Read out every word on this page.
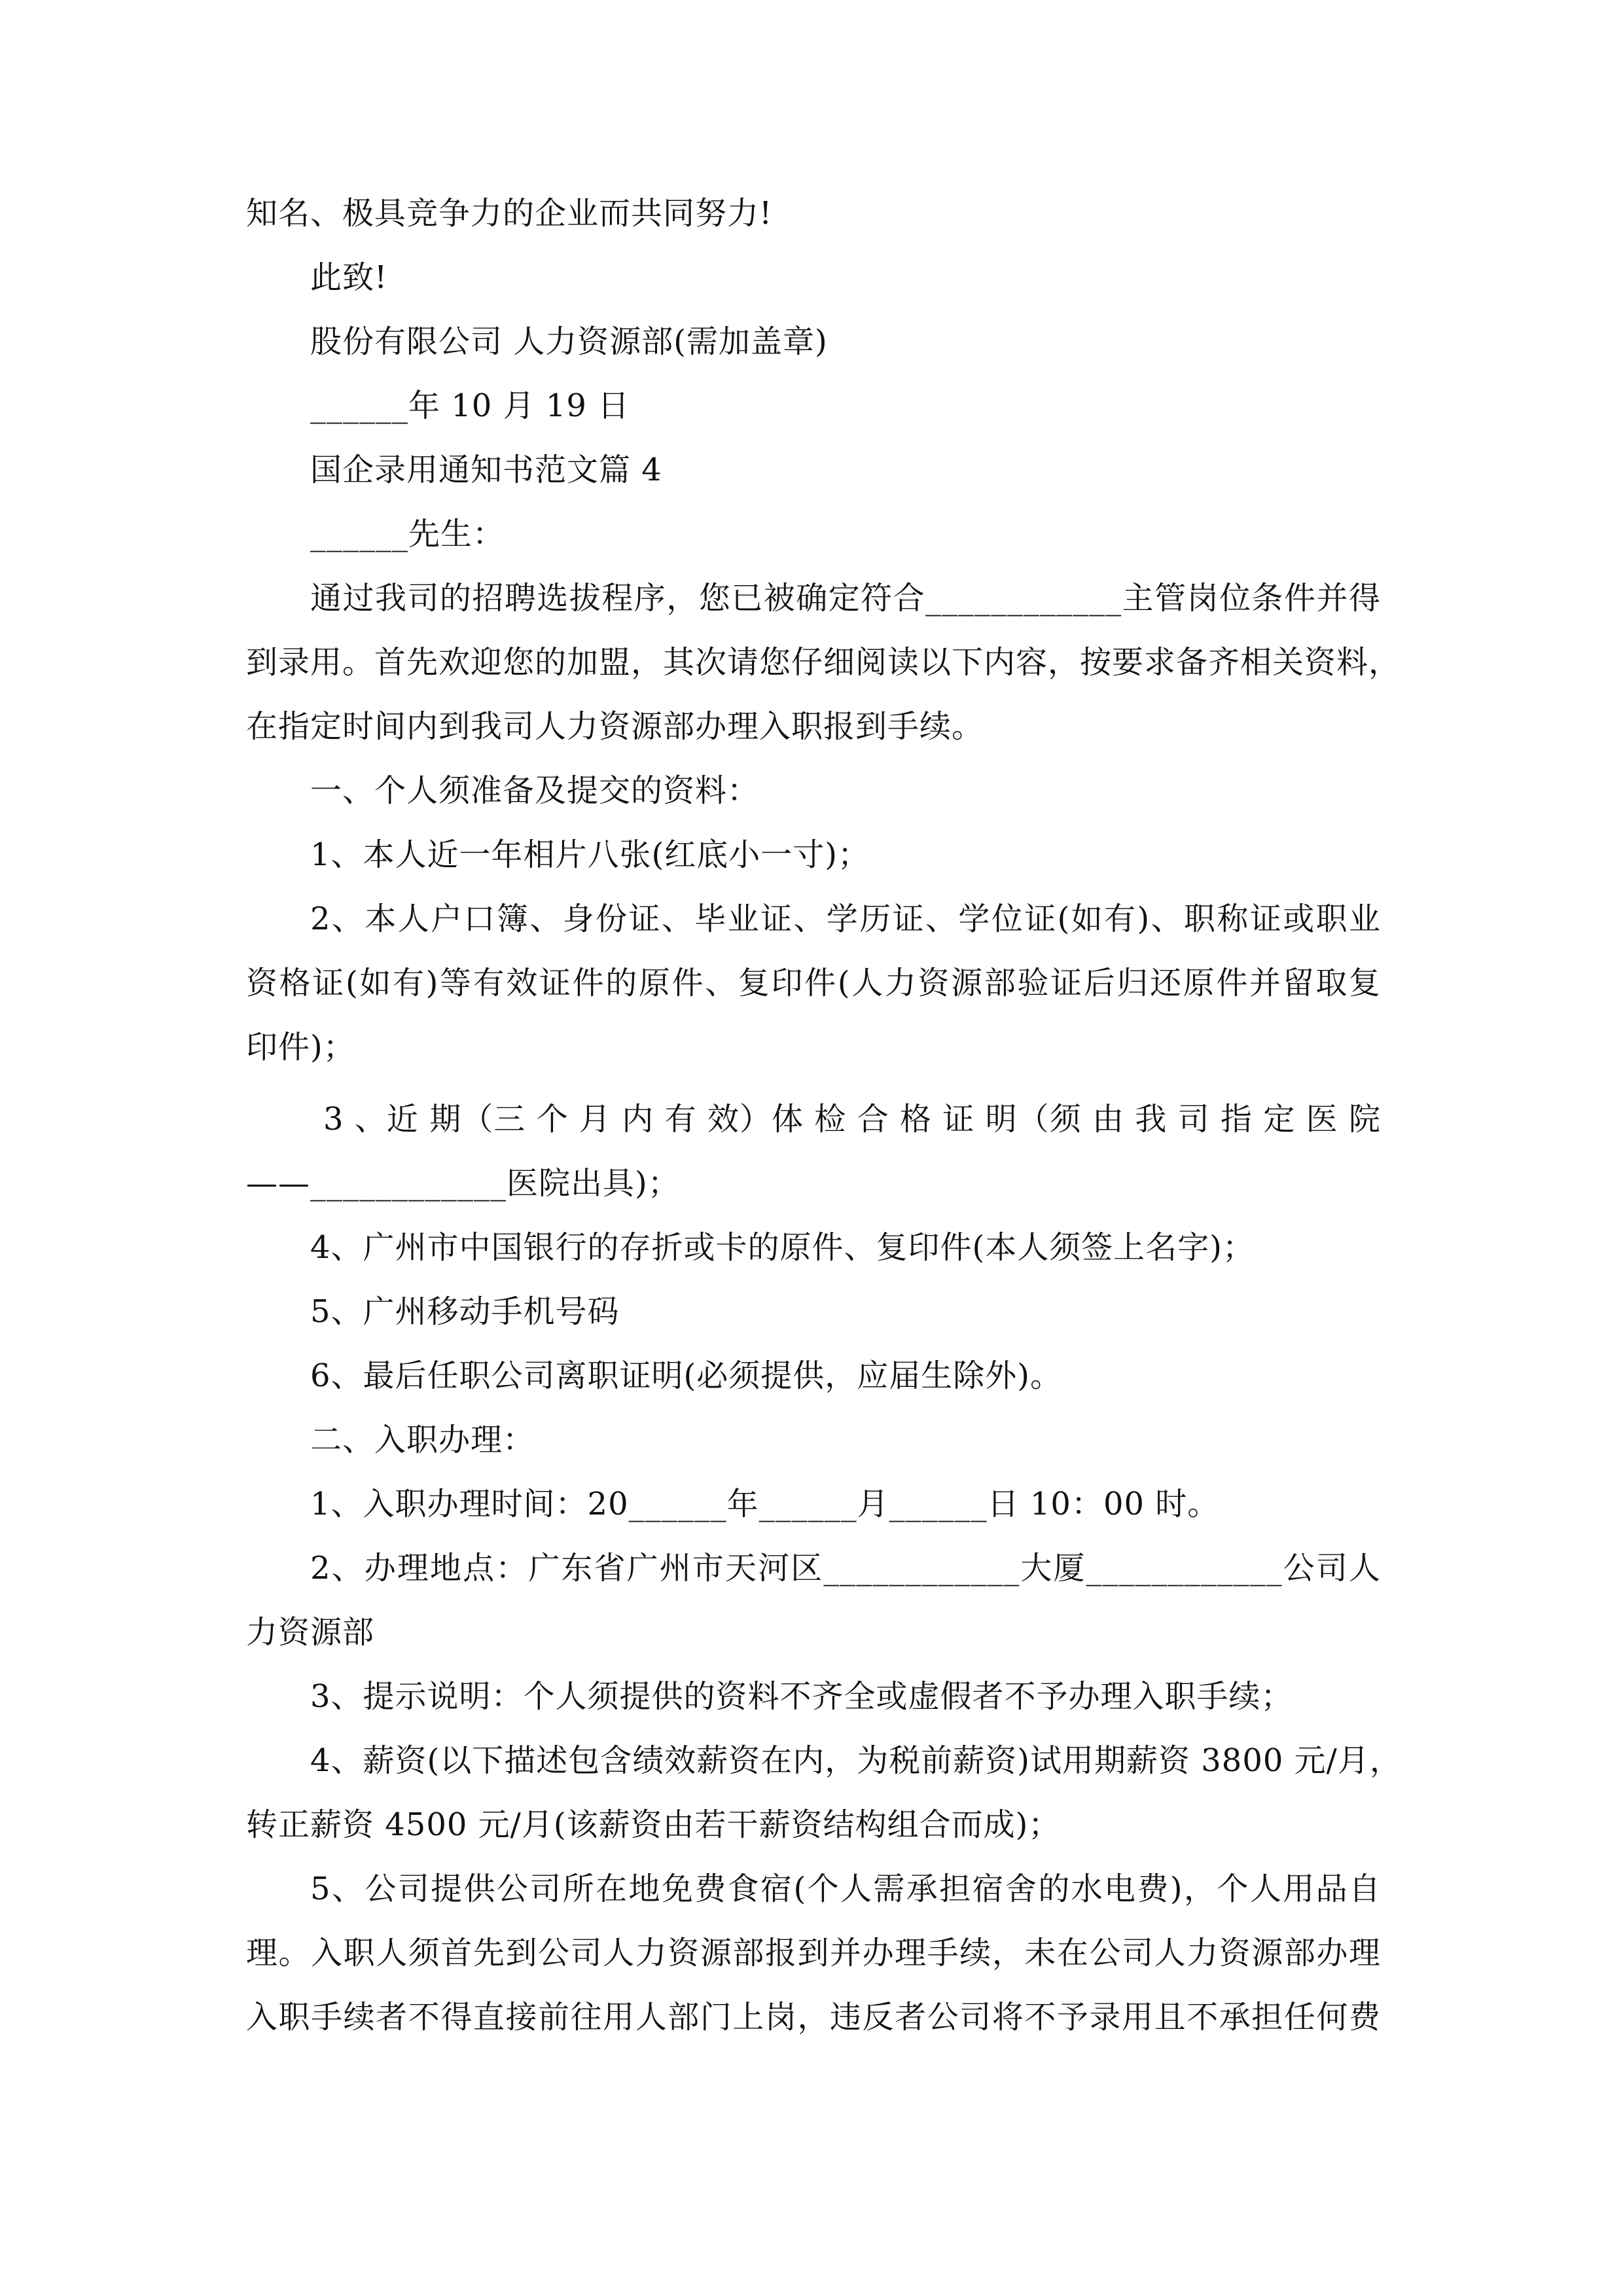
知名、极具竞争力的企业而共同努力!
此致!
股份有限公司 人力资源部(需加盖章)
______年 10 月 19 日
国企录用通知书范文篇 4
______先生：
通过我司的招聘选拔程序，您已被确定符合____________主管岗位条件并得
到录用。首先欢迎您的加盟，其次请您仔细阅读以下内容，按要求备齐相关资料，
在指定时间内到我司人力资源部办理入职报到手续。
一、个人须准备及提交的资料：
1、本人近一年相片八张(红底小一寸)；
2、本人户口簿、身份证、毕业证、学历证、学位证(如有)、职称证或职业
资格证(如有)等有效证件的原件、复印件(人力资源部验证后归还原件并留取复
印件)；
3 、近 期（三 个 月 内 有 效）体 检 合 格 证 明（须 由 我 司 指 定 医 院
——____________医院出具)；
4、广州市中国银行的存折或卡的原件、复印件(本人须签上名字)；
5、广州移动手机号码
6、最后任职公司离职证明(必须提供，应届生除外)。
二、入职办理：
1、入职办理时间：20______年______月______日 10：00 时。
2、办理地点：广东省广州市天河区____________大厦____________公司人
力资源部
3、提示说明：个人须提供的资料不齐全或虚假者不予办理入职手续；
4、薪资(以下描述包含绩效薪资在内，为税前薪资)试用期薪资 3800 元/月，
转正薪资 4500 元/月(该薪资由若干薪资结构组合而成)；
5、公司提供公司所在地免费食宿(个人需承担宿舍的水电费)，个人用品自
理。入职人须首先到公司人力资源部报到并办理手续，未在公司人力资源部办理
入职手续者不得直接前往用人部门上岗，违反者公司将不予录用且不承担任何费
